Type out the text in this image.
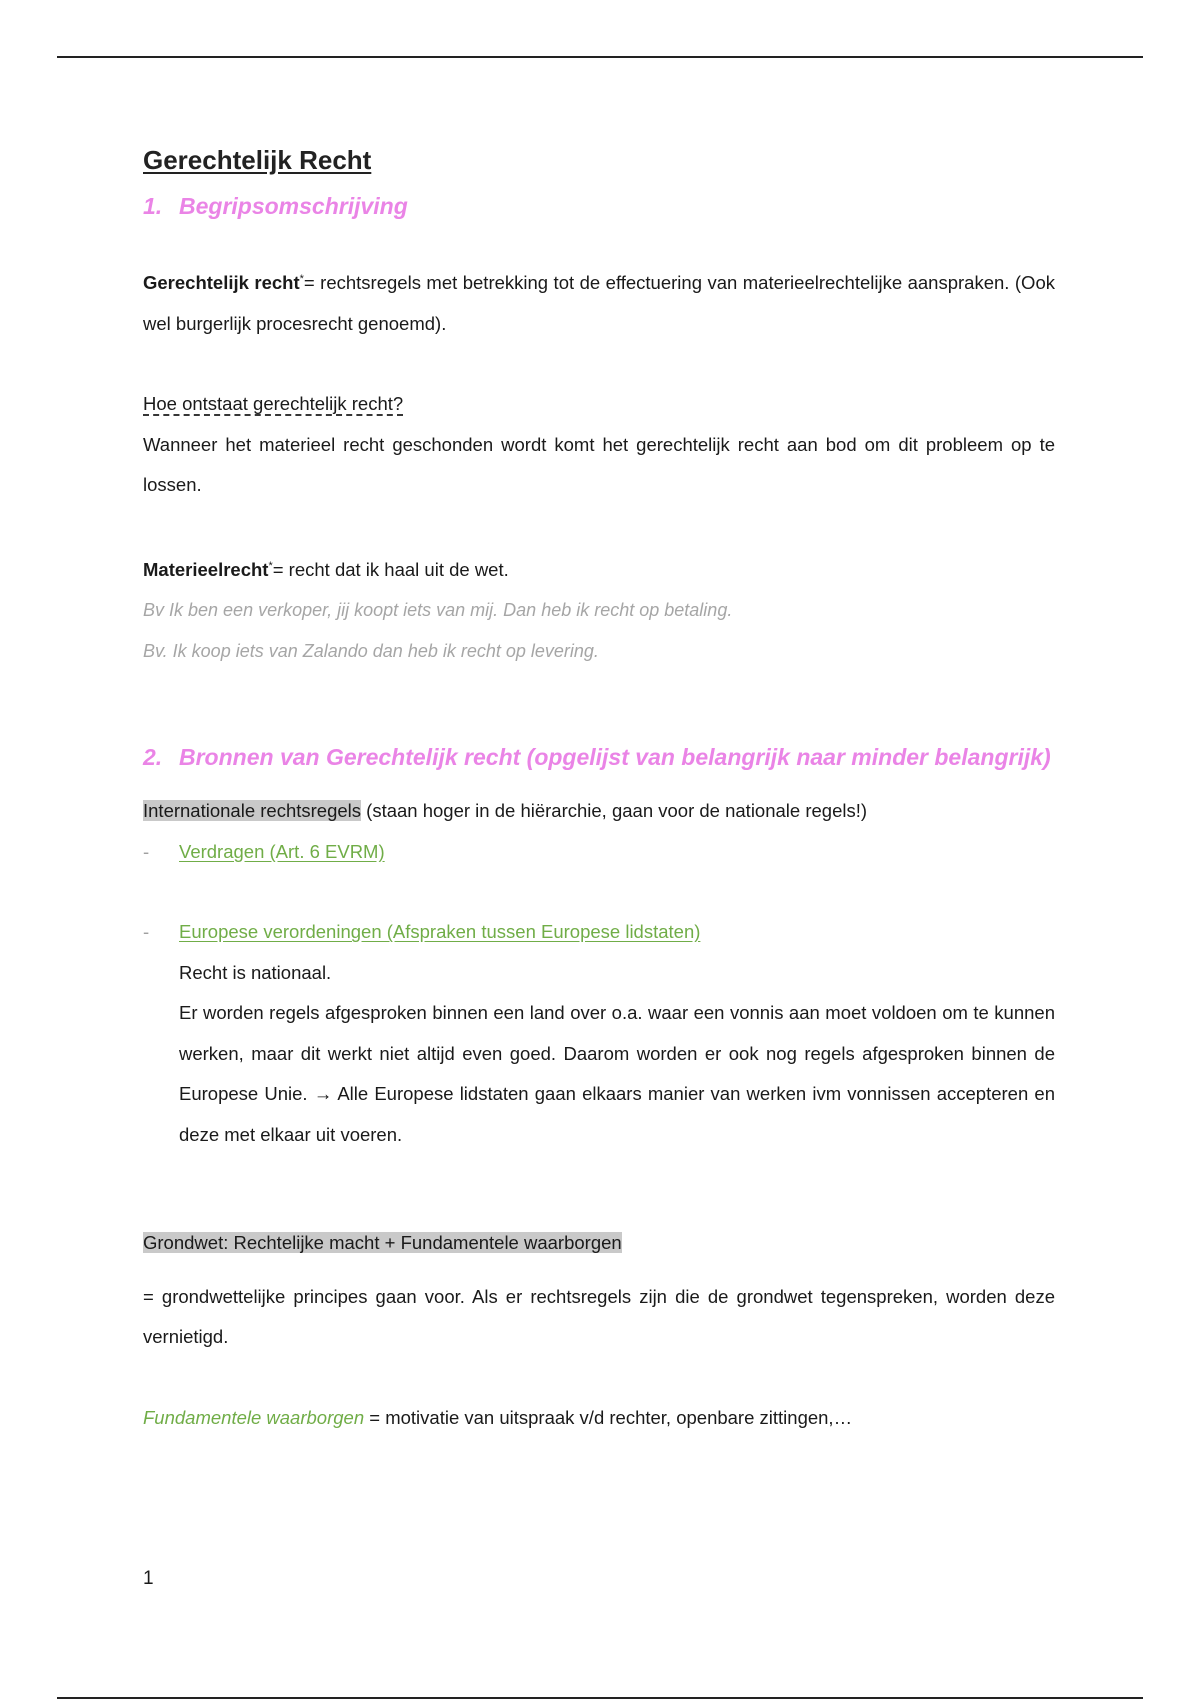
Gerechtelijk Recht
1. Begripsomschrijving

Gerechtelijk recht*= rechtsregels met betrekking tot de effectuering van materieelrechtelijke aanspraken. (Ook wel burgerlijk procesrecht genoemd).

Hoe ontstaat gerechtelijk recht?

Wanneer het materieel recht geschonden wordt komt het gerechtelijk recht aan bod om dit probleem op te lossen.

Materieelrecht*= recht dat ik haal uit de wet.

Bv Ik ben een verkoper, jij koopt iets van mij. Dan heb ik recht op betaling.

Bv. Ik koop iets van Zalando dan heb ik recht op levering.

2. Bronnen van Gerechtelijk recht (opgelijst van belangrijk naar minder belangrijk)

Internationale rechtsregels (staan hoger in de hiërarchie, gaan voor de nationale regels!)

-	Verdragen (Art. 6 EVRM)
-	Europese verordeningen (Afspraken tussen Europese lidstaten)

Recht is nationaal.

Er worden regels afgesproken binnen een land over o.a. waar een vonnis aan moet voldoen om te kunnen werken, maar dit werkt niet altijd even goed. Daarom worden er ook nog regels afgesproken binnen de Europese Unie. → Alle Europese lidstaten gaan elkaars manier van werken ivm vonnissen accepteren en deze met elkaar uit voeren.

Grondwet: Rechtelijke macht + Fundamentele waarborgen

= grondwettelijke principes gaan voor. Als er rechtsregels zijn die de grondwet tegenspreken, worden deze vernietigd.

Fundamentele waarborgen = motivatie van uitspraak v/d rechter, openbare zittingen,…

1
